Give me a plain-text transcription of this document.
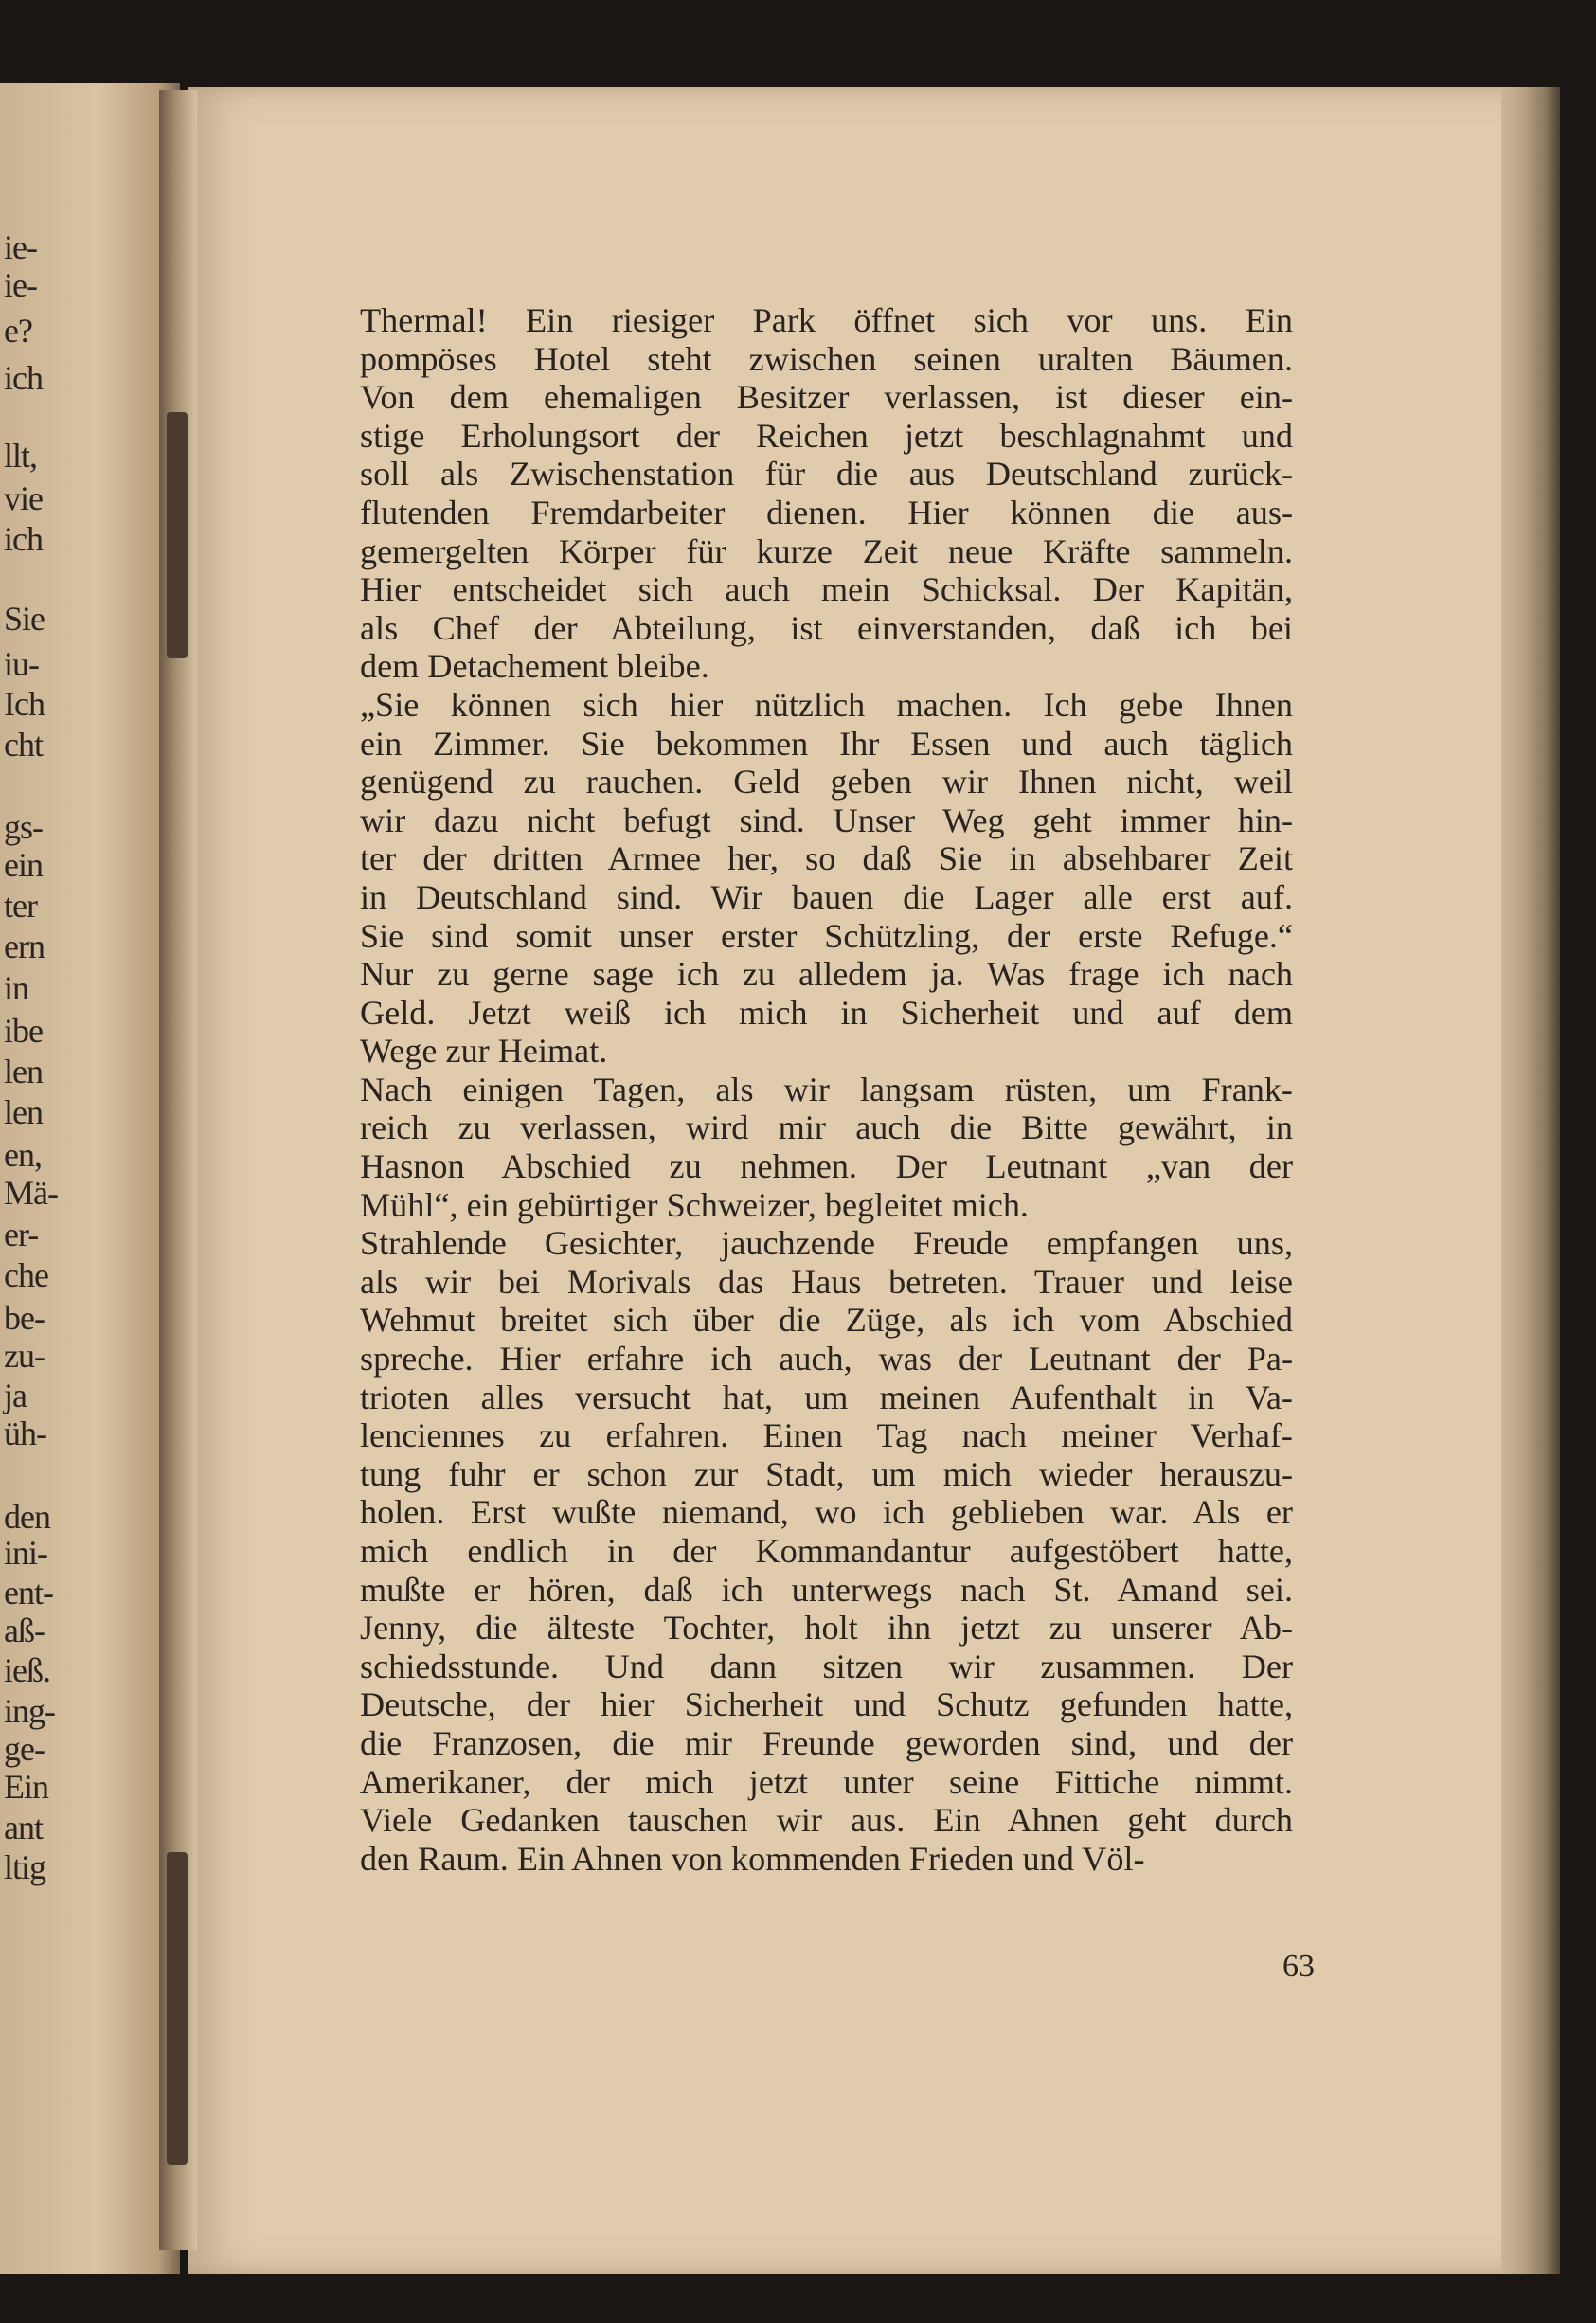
ie-

ie-

e?

ich

llt,

vie

ich

Sie

iu-

Ich

cht

gs-

ein

ter

ern

in

ibe

len

len

en,

Mä-

er-

che

be-

zu-

ja

üh-

den

ini-

ent-

aß-

ieß.

ing-

ge-

Ein

ant

ltig

Thermal! Ein riesiger Park öffnet sich vor uns. Ein
pompöses Hotel steht zwischen seinen uralten Bäumen.
Von dem ehemaligen Besitzer verlassen, ist dieser ein-
stige Erholungsort der Reichen jetzt beschlagnahmt und
soll als Zwischenstation für die aus Deutschland zurück-
flutenden Fremdarbeiter dienen. Hier können die aus-
gemergelten Körper für kurze Zeit neue Kräfte sammeln.
Hier entscheidet sich auch mein Schicksal. Der Kapitän,
als Chef der Abteilung, ist einverstanden, daß ich bei
dem Detachement bleibe.
„Sie können sich hier nützlich machen. Ich gebe Ihnen
ein Zimmer. Sie bekommen Ihr Essen und auch täglich
genügend zu rauchen. Geld geben wir Ihnen nicht, weil
wir dazu nicht befugt sind. Unser Weg geht immer hin-
ter der dritten Armee her, so daß Sie in absehbarer Zeit
in Deutschland sind. Wir bauen die Lager alle erst auf.
Sie sind somit unser erster Schützling, der erste Refuge.“
Nur zu gerne sage ich zu alledem ja. Was frage ich nach
Geld. Jetzt weiß ich mich in Sicherheit und auf dem
Wege zur Heimat.
Nach einigen Tagen, als wir langsam rüsten, um Frank-
reich zu verlassen, wird mir auch die Bitte gewährt, in
Hasnon Abschied zu nehmen. Der Leutnant „van der
Mühl“, ein gebürtiger Schweizer, begleitet mich.
Strahlende Gesichter, jauchzende Freude empfangen uns,
als wir bei Morivals das Haus betreten. Trauer und leise
Wehmut breitet sich über die Züge, als ich vom Abschied
spreche. Hier erfahre ich auch, was der Leutnant der Pa-
trioten alles versucht hat, um meinen Aufenthalt in Va-
lenciennes zu erfahren. Einen Tag nach meiner Verhaf-
tung fuhr er schon zur Stadt, um mich wieder herauszu-
holen. Erst wußte niemand, wo ich geblieben war. Als er
mich endlich in der Kommandantur aufgestöbert hatte,
mußte er hören, daß ich unterwegs nach St. Amand sei.
Jenny, die älteste Tochter, holt ihn jetzt zu unserer Ab-
schiedsstunde. Und dann sitzen wir zusammen. Der
Deutsche, der hier Sicherheit und Schutz gefunden hatte,
die Franzosen, die mir Freunde geworden sind, und der
Amerikaner, der mich jetzt unter seine Fittiche nimmt.
Viele Gedanken tauschen wir aus. Ein Ahnen geht durch
den Raum. Ein Ahnen von kommenden Frieden und Völ-
63
